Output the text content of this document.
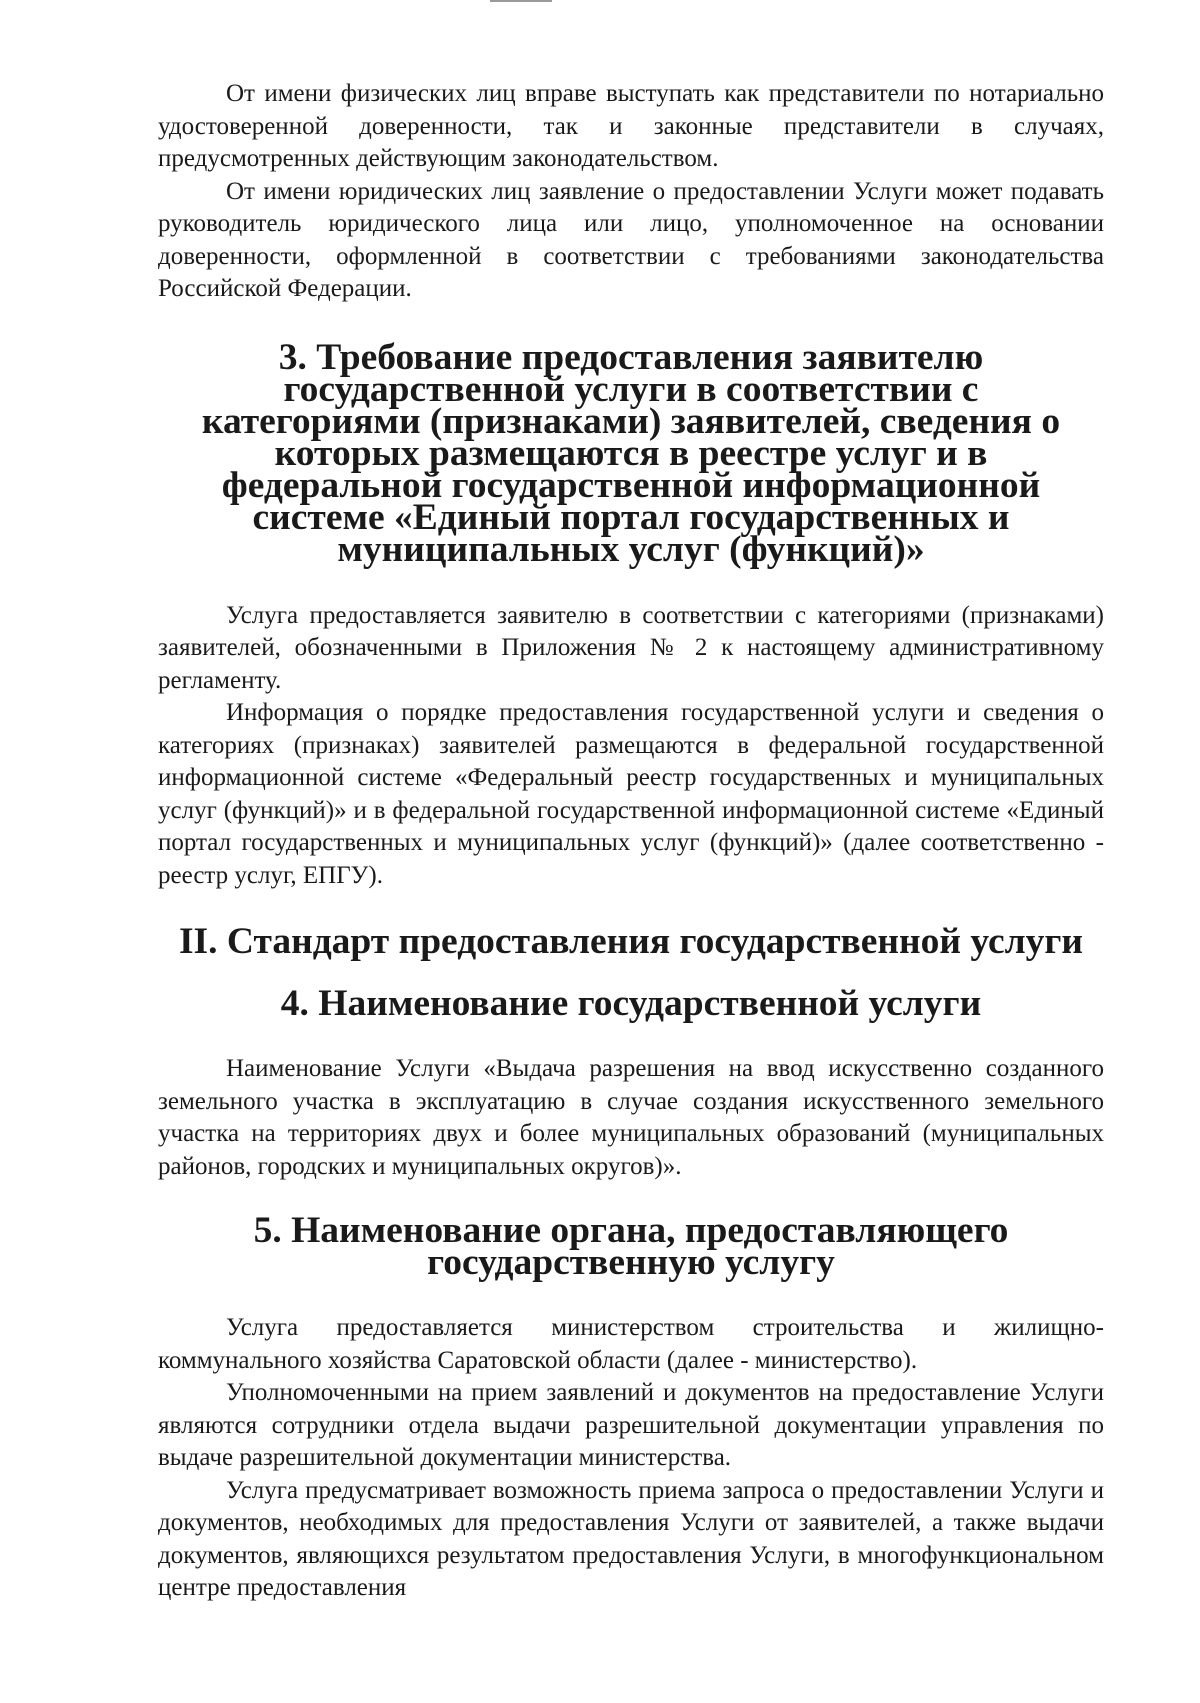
От имени физических лиц вправе выступать как представители по нотариально удостоверенной доверенности, так и законные представители в случаях, предусмотренных действующим законодательством.

От имени юридических лиц заявление о предоставлении Услуги может подавать руководитель юридического лица или лицо, уполномоченное на основании доверенности, оформленной в соответствии с требованиями законодательства Российской Федерации.

3. Требование предоставления заявителю государственной услуги в соответствии с категориями (признаками) заявителей, сведения о которых размещаются в реестре услуг и в федеральной государственной информационной системе «Единый портал государственных и муниципальных услуг (функций)»

Услуга предоставляется заявителю в соответствии с категориями (признаками) заявителей, обозначенными в Приложения № 2 к настоящему административному регламенту.

Информация о порядке предоставления государственной услуги и сведения о категориях (признаках) заявителей размещаются в федеральной государственной информационной системе «Федеральный реестр государственных и муниципальных услуг (функций)» и в федеральной государственной информационной системе «Единый портал государственных и муниципальных услуг (функций)» (далее соответственно - реестр услуг, ЕПГУ).

II. Стандарт предоставления государственной услуги
4. Наименование государственной услуги

Наименование Услуги «Выдача разрешения на ввод искусственно созданного земельного участка в эксплуатацию в случае создания искусственного земельного участка на территориях двух и более муниципальных образований (муниципальных районов, городских и муниципальных округов)».

5. Наименование органа, предоставляющего государственную услугу

Услуга предоставляется министерством строительства и жилищно-коммунального хозяйства Саратовской области (далее - министерство).

Уполномоченными на прием заявлений и документов на предоставление Услуги являются сотрудники отдела выдачи разрешительной документации управления по выдаче разрешительной документации министерства.

Услуга предусматривает возможность приема запроса о предоставлении Услуги и документов, необходимых для предоставления Услуги от заявителей, а также выдачи документов, являющихся результатом предоставления Услуги, в многофункциональном центре предоставления
